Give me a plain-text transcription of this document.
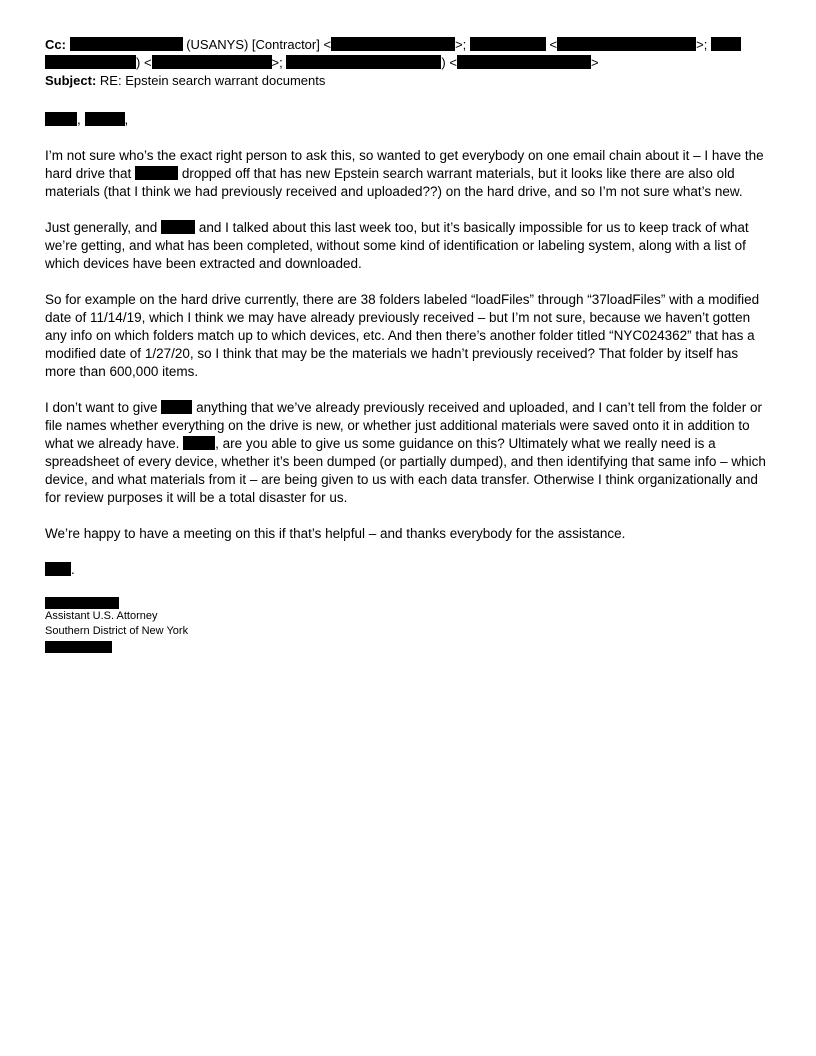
Cc:	(USANYS) [Contractor] <	>;	<	>;
) <	>;	) <	>
Subject: RE: Epstein search warrant documents
,	,

I’m not sure who’s the exact right person to ask this, so wanted to get everybody on one email chain about it – I have the hard drive that	dropped off that has new Epstein search warrant materials, but it looks like there are also old materials (that I think we had previously received and uploaded??) on the hard drive, and so I’m not sure what’s new.

Just generally, and	and I talked about this last week too, but it’s basically impossible for us to keep track of what we’re getting, and what has been completed, without some kind of identification or labeling system, along with a list of which devices have been extracted and downloaded.

So for example on the hard drive currently, there are 38 folders labeled “loadFiles” through “37loadFiles” with a modified date of 11/14/19, which I think we may have already previously received – but I’m not sure, because we haven’t gotten any info on which folders match up to which devices, etc. And then there’s another folder titled “NYC024362” that has a modified date of 1/27/20, so I think that may be the materials we hadn’t previously received? That folder by itself has more than 600,000 items.

I don’t want to give	anything that we’ve already previously received and uploaded, and I can’t tell from the folder or file names whether everything on the drive is new, or whether just additional materials were saved onto it in addition to what we already have.	, are you able to give us some guidance on this? Ultimately what we really need is a spreadsheet of every device, whether it’s been dumped (or partially dumped), and then identifying that same info – which device, and what materials from it – are being given to us with each data transfer. Otherwise I think organizationally and for review purposes it will be a total disaster for us.

We’re happy to have a meeting on this if that’s helpful – and thanks everybody for the assistance.

.
Assistant U.S. Attorney
Southern District of New York
